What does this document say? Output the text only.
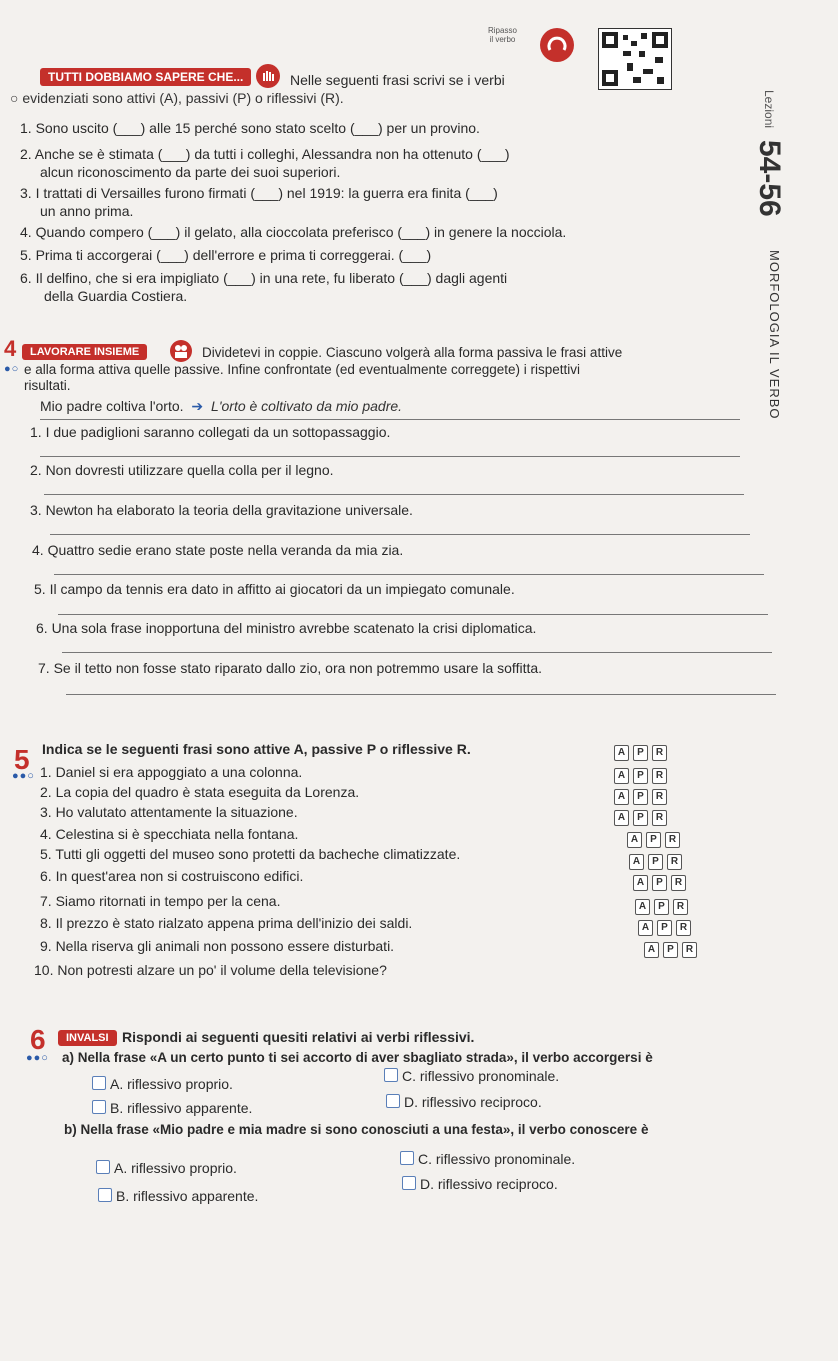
Ripasso
il verbo
Lezioni
54-56
MORFOLOGIA IL VERBO
TUTTI DOBBIAMO SAPERE CHE...	Nelle seguenti frasi scrivi se i verbi
○ evidenziati sono attivi (A), passivi (P) o riflessivi (R).
1. Sono uscito (___) alle 15 perché sono stato scelto (___) per un provino.
2. Anche se è stimata (___) da tutti i colleghi, Alessandra non ha ottenuto (___)
alcun riconoscimento da parte dei suoi superiori.
3. I trattati di Versailles furono firmati (___) nel 1919: la guerra era finita (___)
un anno prima.
4. Quando compero (___) il gelato, alla cioccolata preferisco (___) in genere la nocciola.
5. Prima ti accorgerai (___) dell'errore e prima ti correggerai. (___)
6. Il delfino, che si era impigliato (___) in una rete, fu liberato (___) dagli agenti
della Guardia Costiera.
4
●○
LAVORARE INSIEME	Dividetevi in coppie. Ciascuno volgerà alla forma passiva le frasi attive
e alla forma attiva quelle passive. Infine confrontate (ed eventualmente correggete) i rispettivi
risultati.
Mio padre coltiva l'orto. ➔ L'orto è coltivato da mio padre.
1. I due padiglioni saranno collegati da un sottopassaggio.
2. Non dovresti utilizzare quella colla per il legno.
3. Newton ha elaborato la teoria della gravitazione universale.
4. Quattro sedie erano state poste nella veranda da mia zia.
5. Il campo da tennis era dato in affitto ai giocatori da un impiegato comunale.
6. Una sola frase inopportuna del ministro avrebbe scatenato la crisi diplomatica.
7. Se il tetto non fosse stato riparato dallo zio, ora non potremmo usare la soffitta.
5
●●○
Indica se le seguenti frasi sono attive A, passive P o riflessive R.
1. Daniel si era appoggiato a una colonna.
A	P	R
2. La copia del quadro è stata eseguita da Lorenza.
A	P	R
3. Ho valutato attentamente la situazione.
A	P	R
4. Celestina si è specchiata nella fontana.
A	P	R
5. Tutti gli oggetti del museo sono protetti da bacheche climatizzate.
A	P	R
6. In quest'area non si costruiscono edifici.
A	P	R
7. Siamo ritornati in tempo per la cena.
A	P	R
8. Il prezzo è stato rialzato appena prima dell'inizio dei saldi.
A	P	R
9. Nella riserva gli animali non possono essere disturbati.
A	P	R
10. Non potresti alzare un po' il volume della televisione?
A	P	R
6
●●○
INVALSI Rispondi ai seguenti quesiti relativi ai verbi riflessivi.
a) Nella frase «A un certo punto ti sei accorto di aver sbagliato strada», il verbo accorgersi è
A. riflessivo proprio.	C. riflessivo pronominale.
B. riflessivo apparente.	D. riflessivo reciproco.
b) Nella frase «Mio padre e mia madre si sono conosciuti a una festa», il verbo conoscere è
A. riflessivo proprio.
C. riflessivo pronominale.
B. riflessivo apparente.
D. riflessivo reciproco.
